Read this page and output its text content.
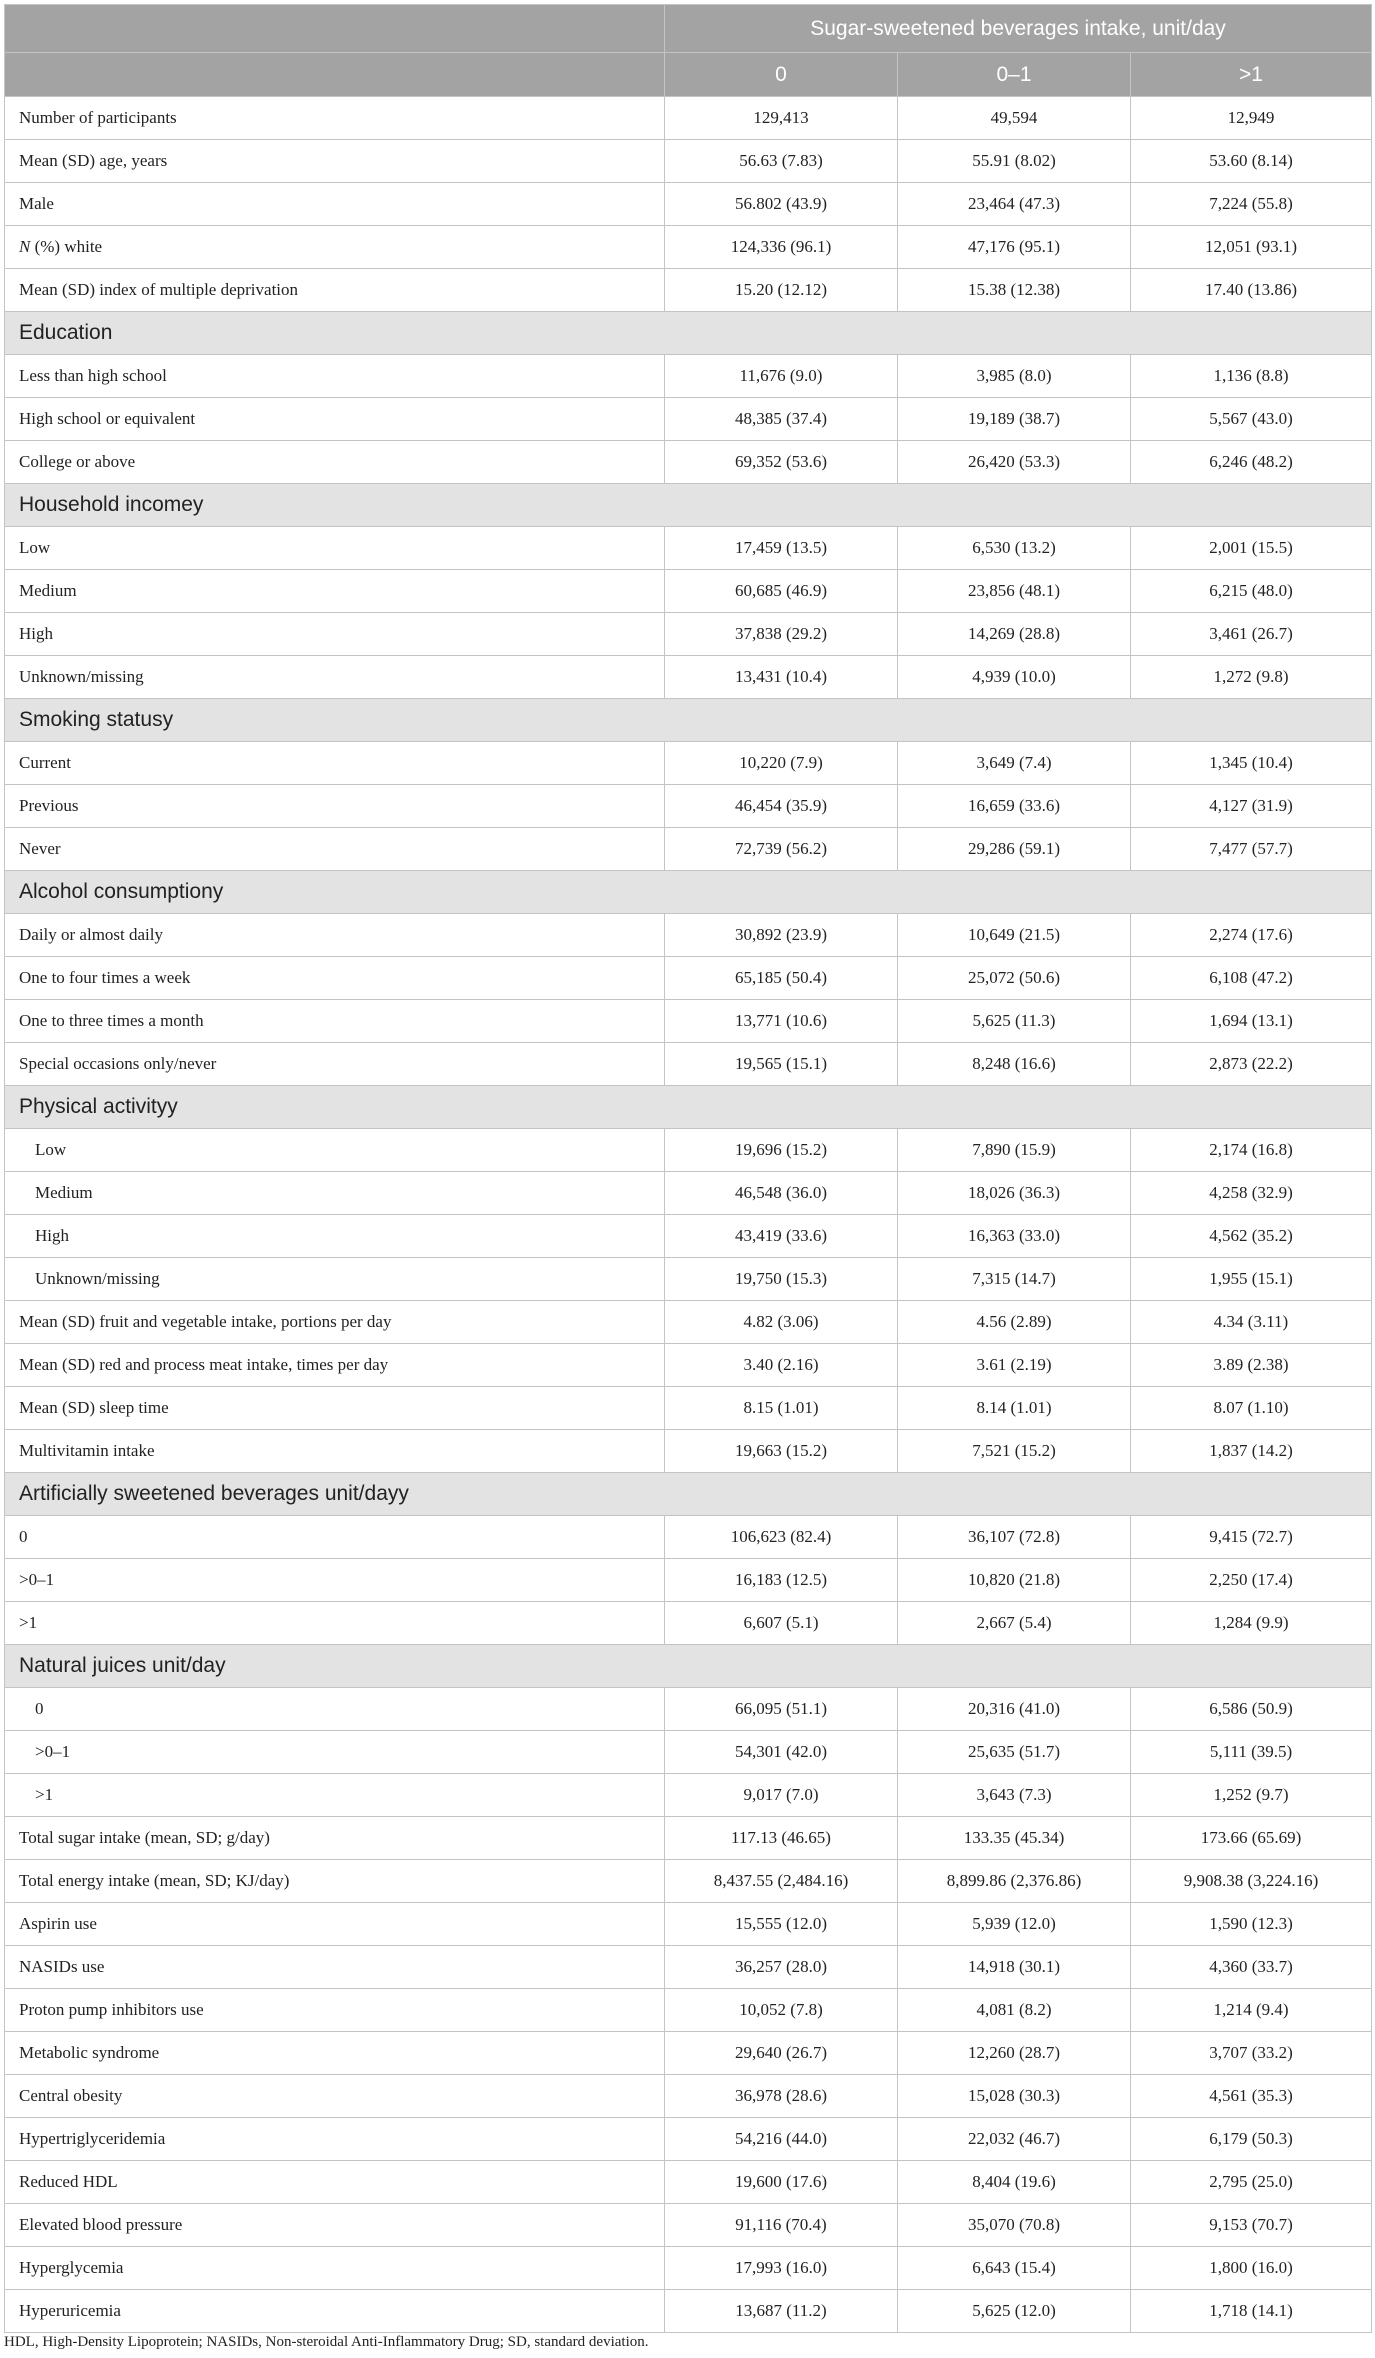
	Sugar-sweetened beverages intake, unit/day		
	0	0–1	>1
Number of participants	129,413	49,594	12,949
Mean (SD) age, years	56.63 (7.83)	55.91 (8.02)	53.60 (8.14)
Male	56.802 (43.9)	23,464 (47.3)	7,224 (55.8)
N (%) white	124,336 (96.1)	47,176 (95.1)	12,051 (93.1)
Mean (SD) index of multiple deprivation	15.20 (12.12)	15.38 (12.38)	17.40 (13.86)
Education			
Less than high school	11,676 (9.0)	3,985 (8.0)	1,136 (8.8)
High school or equivalent	48,385 (37.4)	19,189 (38.7)	5,567 (43.0)
College or above	69,352 (53.6)	26,420 (53.3)	6,246 (48.2)
Household incomey			
Low	17,459 (13.5)	6,530 (13.2)	2,001 (15.5)
Medium	60,685 (46.9)	23,856 (48.1)	6,215 (48.0)
High	37,838 (29.2)	14,269 (28.8)	3,461 (26.7)
Unknown/missing	13,431 (10.4)	4,939 (10.0)	1,272 (9.8)
Smoking statusy			
Current	10,220 (7.9)	3,649 (7.4)	1,345 (10.4)
Previous	46,454 (35.9)	16,659 (33.6)	4,127 (31.9)
Never	72,739 (56.2)	29,286 (59.1)	7,477 (57.7)
Alcohol consumptiony			
Daily or almost daily	30,892 (23.9)	10,649 (21.5)	2,274 (17.6)
One to four times a week	65,185 (50.4)	25,072 (50.6)	6,108 (47.2)
One to three times a month	13,771 (10.6)	5,625 (11.3)	1,694 (13.1)
Special occasions only/never	19,565 (15.1)	8,248 (16.6)	2,873 (22.2)
Physical activityy			
Low	19,696 (15.2)	7,890 (15.9)	2,174 (16.8)
Medium	46,548 (36.0)	18,026 (36.3)	4,258 (32.9)
High	43,419 (33.6)	16,363 (33.0)	4,562 (35.2)
Unknown/missing	19,750 (15.3)	7,315 (14.7)	1,955 (15.1)
Mean (SD) fruit and vegetable intake, portions per day	4.82 (3.06)	4.56 (2.89)	4.34 (3.11)
Mean (SD) red and process meat intake, times per day	3.40 (2.16)	3.61 (2.19)	3.89 (2.38)
Mean (SD) sleep time	8.15 (1.01)	8.14 (1.01)	8.07 (1.10)
Multivitamin intake	19,663 (15.2)	7,521 (15.2)	1,837 (14.2)
Artificially sweetened beverages unit/dayy			
0	106,623 (82.4)	36,107 (72.8)	9,415 (72.7)
>0–1	16,183 (12.5)	10,820 (21.8)	2,250 (17.4)
>1	6,607 (5.1)	2,667 (5.4)	1,284 (9.9)
Natural juices unit/day			
0	66,095 (51.1)	20,316 (41.0)	6,586 (50.9)
>0–1	54,301 (42.0)	25,635 (51.7)	5,111 (39.5)
>1	9,017 (7.0)	3,643 (7.3)	1,252 (9.7)
Total sugar intake (mean, SD; g/day)	117.13 (46.65)	133.35 (45.34)	173.66 (65.69)
Total energy intake (mean, SD; KJ/day)	8,437.55 (2,484.16)	8,899.86 (2,376.86)	9,908.38 (3,224.16)
Aspirin use	15,555 (12.0)	5,939 (12.0)	1,590 (12.3)
NASIDs use	36,257 (28.0)	14,918 (30.1)	4,360 (33.7)
Proton pump inhibitors use	10,052 (7.8)	4,081 (8.2)	1,214 (9.4)
Metabolic syndrome	29,640 (26.7)	12,260 (28.7)	3,707 (33.2)
Central obesity	36,978 (28.6)	15,028 (30.3)	4,561 (35.3)
Hypertriglyceridemia	54,216 (44.0)	22,032 (46.7)	6,179 (50.3)
Reduced HDL	19,600 (17.6)	8,404 (19.6)	2,795 (25.0)
Elevated blood pressure	91,116 (70.4)	35,070 (70.8)	9,153 (70.7)
Hyperglycemia	17,993 (16.0)	6,643 (15.4)	1,800 (16.0)
Hyperuricemia	13,687 (11.2)	5,625 (12.0)	1,718 (14.1)
HDL, High-Density Lipoprotein; NASIDs, Non-steroidal Anti-Inflammatory Drug; SD, standard deviation.
